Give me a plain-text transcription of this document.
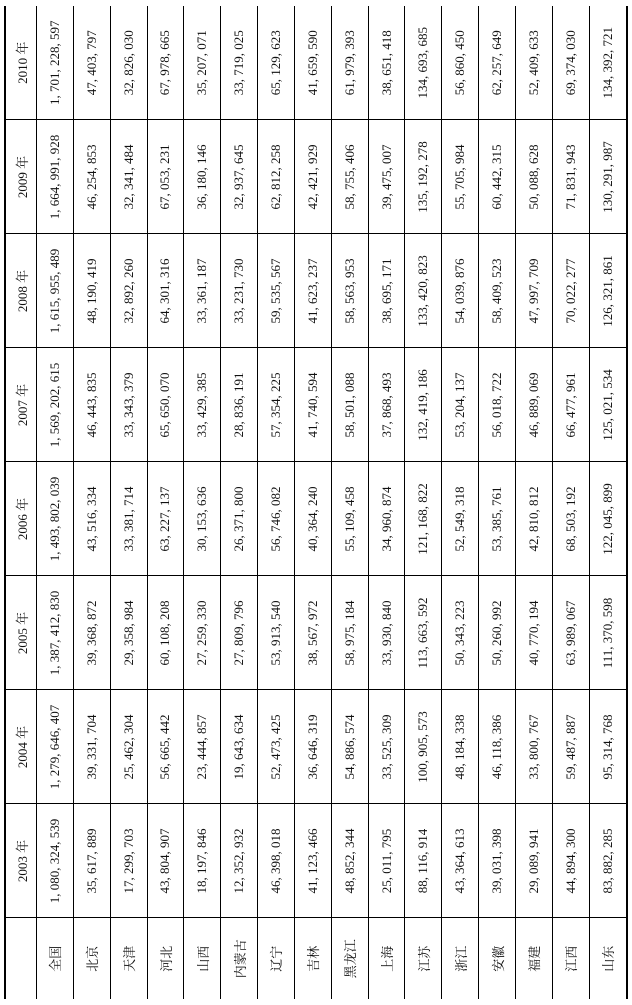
	2003 年	2004 年	2005 年	2006 年	2007 年	2008 年	2009 年	2010 年
全国	1, 080, 324, 539	1, 279, 646, 407	1, 387, 412, 830	1, 493, 802, 039	1, 569, 202, 615	1, 615, 955, 489	1, 664, 991, 928	1, 701, 228, 597
北京	35, 617, 889	39, 331, 704	39, 368, 872	43, 516, 334	46, 443, 835	48, 190, 419	46, 254, 853	47, 403, 797
天津	17, 299, 703	25, 462, 304	29, 358, 984	33, 381, 714	33, 343, 379	32, 892, 260	32, 341, 484	32, 826, 030
河北	43, 804, 907	56, 665, 442	60, 108, 208	63, 227, 137	65, 650, 070	64, 301, 316	67, 053, 231	67, 978, 665
山西	18, 197, 846	23, 444, 857	27, 259, 330	30, 153, 636	33, 429, 385	33, 361, 187	36, 180, 146	35, 207, 071
内蒙古	12, 352, 932	19, 643, 634	27, 809, 796	26, 371, 800	28, 836, 191	33, 231, 730	32, 937, 645	33, 719, 025
辽宁	46, 398, 018	52, 473, 425	53, 913, 540	56, 746, 082	57, 354, 225	59, 535, 567	62, 812, 258	65, 129, 623
吉林	41, 123, 466	36, 646, 319	38, 567, 972	40, 364, 240	41, 740, 594	41, 623, 237	42, 421, 929	41, 659, 590
黑龙江	48, 852, 344	54, 886, 574	58, 975, 184	55, 109, 458	58, 501, 088	58, 563, 953	58, 755, 406	61, 979, 393
上海	25, 011, 795	33, 525, 309	33, 930, 840	34, 960, 874	37, 868, 493	38, 695, 171	39, 475, 007	38, 651, 418
江苏	88, 116, 914	100, 905, 573	113, 663, 592	121, 168, 822	132, 419, 186	133, 420, 823	135, 192, 278	134, 693, 685
浙江	43, 364, 613	48, 184, 338	50, 343, 223	52, 549, 318	53, 204, 137	54, 039, 876	55, 705, 984	56, 860, 450
安徽	39, 031, 398	46, 118, 386	50, 260, 992	53, 385, 761	56, 018, 722	58, 409, 523	60, 442, 315	62, 257, 649
福建	29, 089, 941	33, 800, 767	40, 770, 194	42, 810, 812	46, 889, 069	47, 997, 709	50, 088, 628	52, 409, 633
江西	44, 894, 300	59, 487, 887	63, 989, 067	68, 503, 192	66, 477, 961	70, 022, 277	71, 831, 943	69, 374, 030
山东	83, 882, 285	95, 314, 768	111, 370, 598	122, 045, 899	125, 021, 534	126, 321, 861	130, 291, 987	134, 392, 721
